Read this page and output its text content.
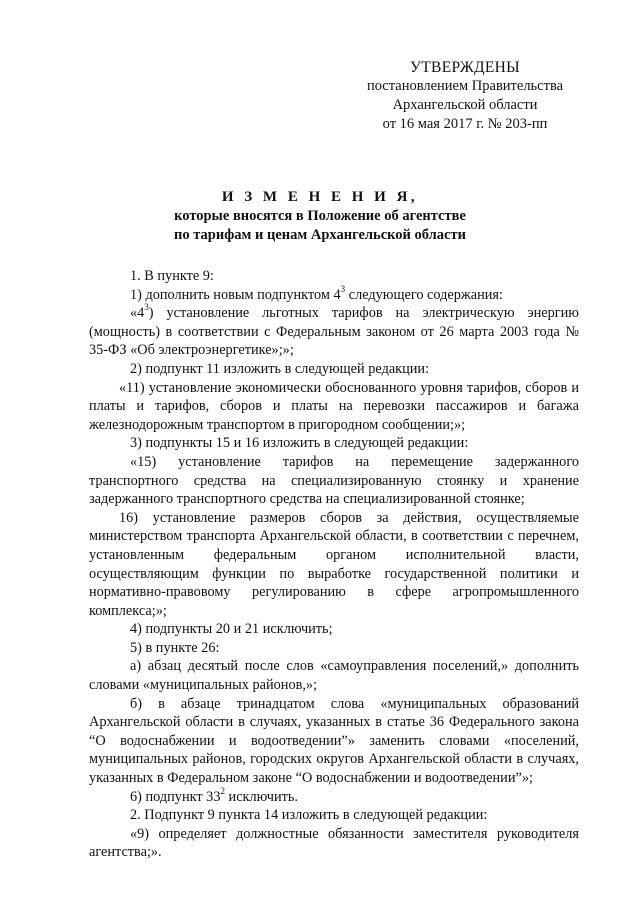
УТВЕРЖДЕНЫ
постановлением Правительства
Архангельской области
от 16 мая 2017 г. № 203-пп
И З М Е Н Е Н И Я,
которые вносятся в Положение об агентстве
по тарифам и ценам Архангельской области

1. В пункте 9:

1) дополнить новым подпунктом $4^3$ следующего содержания:

«$4^3$) установление льготных тарифов на электрическую энергию (мощность) в соответствии с Федеральным законом от 26 марта 2003 года № 35-ФЗ «Об электроэнергетике»;»;

2) подпункт 11 изложить в следующей редакции:

«11) установление экономически обоснованного уровня тарифов, сборов и платы и тарифов, сборов и платы на перевозки пассажиров и багажа железнодорожным транспортом в пригородном сообщении;»;

3) подпункты 15 и 16 изложить в следующей редакции:

«15) установление тарифов на перемещение задержанного транспортного средства на специализированную стоянку и хранение задержанного транспортного средства на специализированной стоянке;

16) установление размеров сборов за действия, осуществляемые министерством транспорта Архангельской области, в соответствии с перечнем, установленным федеральным органом исполнительной власти, осуществляющим функции по выработке государственной политики и нормативно-правовому регулированию в сфере агропромышленного комплекса;»;

4) подпункты 20 и 21 исключить;

5) в пункте 26:

а) абзац десятый после слов «самоуправления поселений,» дополнить словами «муниципальных районов,»;

б) в абзаце тринадцатом слова «муниципальных образований Архангельской области в случаях, указанных в статье 36 Федерального закона “О водоснабжении и водоотведении”» заменить словами «поселений, муниципальных районов, городских округов Архангельской области в случаях, указанных в Федеральном законе “О водоснабжении и водоотведении”»;

6) подпункт $33^2$ исключить.

2. Подпункт 9 пункта 14 изложить в следующей редакции:

«9) определяет должностные обязанности заместителя руководителя агентства;».
